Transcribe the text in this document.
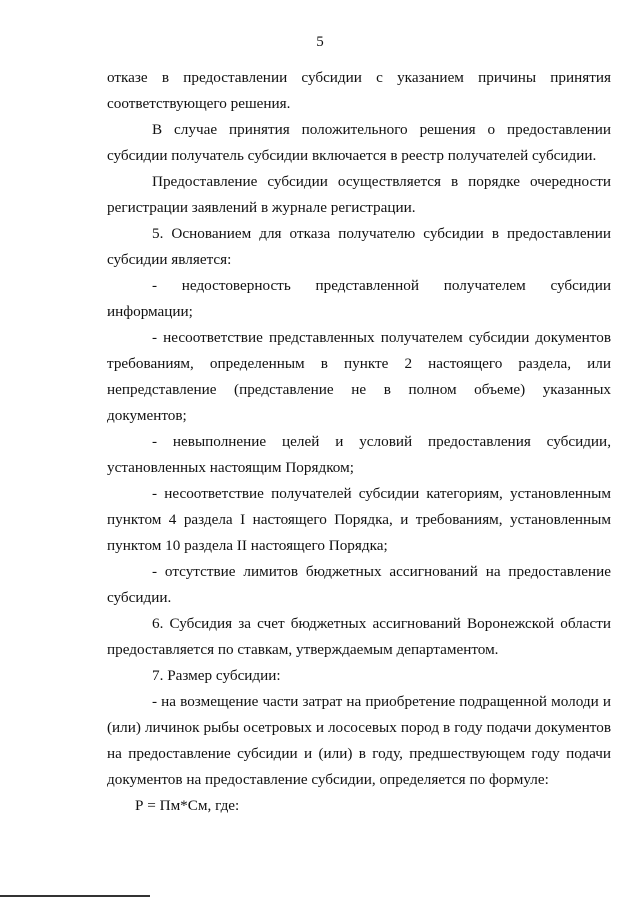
5

отказе в предоставлении субсидии с указанием причины принятия соответствующего решения.

В случае принятия положительного решения о предоставлении субсидии получатель субсидии включается в реестр получателей субсидии.

Предоставление субсидии осуществляется в порядке очередности регистрации заявлений в журнале регистрации.

5. Основанием для отказа получателю субсидии в предоставлении субсидии является:

- недостоверность представленной получателем субсидии информации;

- несоответствие представленных получателем субсидии документов требованиям, определенным в пункте 2 настоящего раздела, или непредставление (представление не в полном объеме) указанных документов;

- невыполнение целей и условий предоставления субсидии, установленных настоящим Порядком;

- несоответствие получателей субсидии категориям, установленным пунктом 4 раздела I настоящего Порядка, и требованиям, установленным пунктом 10 раздела II настоящего Порядка;

- отсутствие лимитов бюджетных ассигнований на предоставление субсидии.

6. Субсидия за счет бюджетных ассигнований Воронежской области предоставляется по ставкам, утверждаемым департаментом.

7. Размер субсидии:

- на возмещение части затрат на приобретение подращенной молоди и (или) личинок рыбы осетровых и лососевых пород в году подачи документов на предоставление субсидии и (или) в году, предшествующем году подачи документов на предоставление субсидии, определяется по формуле:

Р = Пм*См, где:
